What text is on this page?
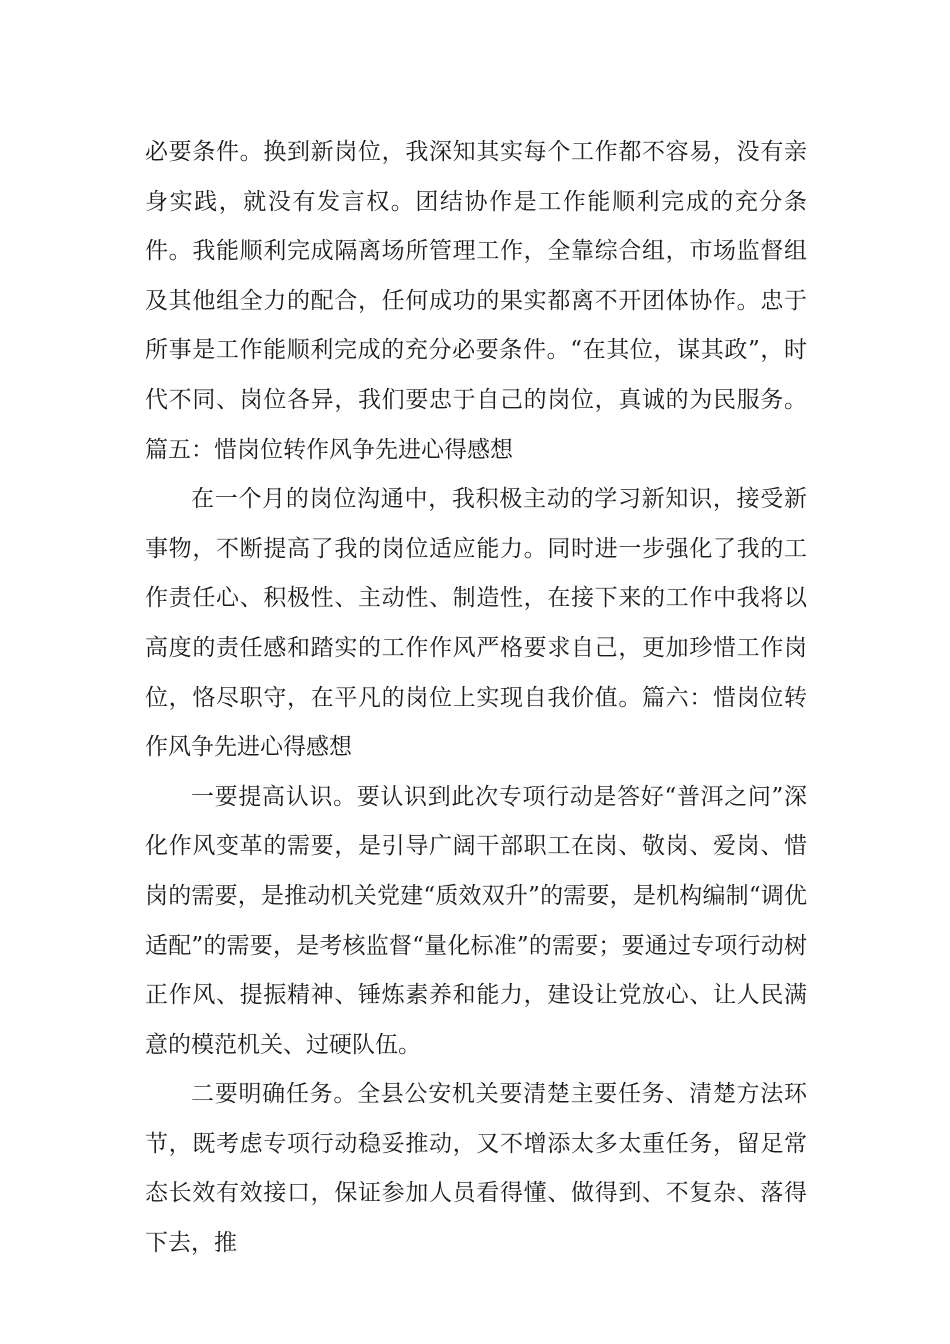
必要条件。换到新岗位，我深知其实每个工作都不容易，没有亲身实践，就没有发言权。团结协作是工作能顺利完成的充分条件。我能顺利完成隔离场所管理工作，全靠综合组，市场监督组及其他组全力的配合，任何成功的果实都离不开团体协作。忠于所事是工作能顺利完成的充分必要条件。“在其位，谋其政”，时代不同、岗位各异，我们要忠于自己的岗位，真诚的为民服务。篇五：惜岗位转作风争先进心得感想

在一个月的岗位沟通中，我积极主动的学习新知识，接受新事物，不断提高了我的岗位适应能力。同时进一步强化了我的工作责任心、积极性、主动性、制造性，在接下来的工作中我将以高度的责任感和踏实的工作作风严格要求自己，更加珍惜工作岗位，恪尽职守，在平凡的岗位上实现自我价值。篇六：惜岗位转作风争先进心得感想

一要提高认识。要认识到此次专项行动是答好“普洱之问”深化作风变革的需要，是引导广阔干部职工在岗、敬岗、爱岗、惜岗的需要，是推动机关党建“质效双升”的需要，是机构编制“调优适配”的需要，是考核监督“量化标准”的需要；要通过专项行动树正作风、提振精神、锤炼素养和能力，建设让党放心、让人民满意的模范机关、过硬队伍。

二要明确任务。全县公安机关要清楚主要任务、清楚方法环节，既考虑专项行动稳妥推动，又不增添太多太重任务，留足常态长效有效接口，保证参加人员看得懂、做得到、不复杂、落得下去，推
